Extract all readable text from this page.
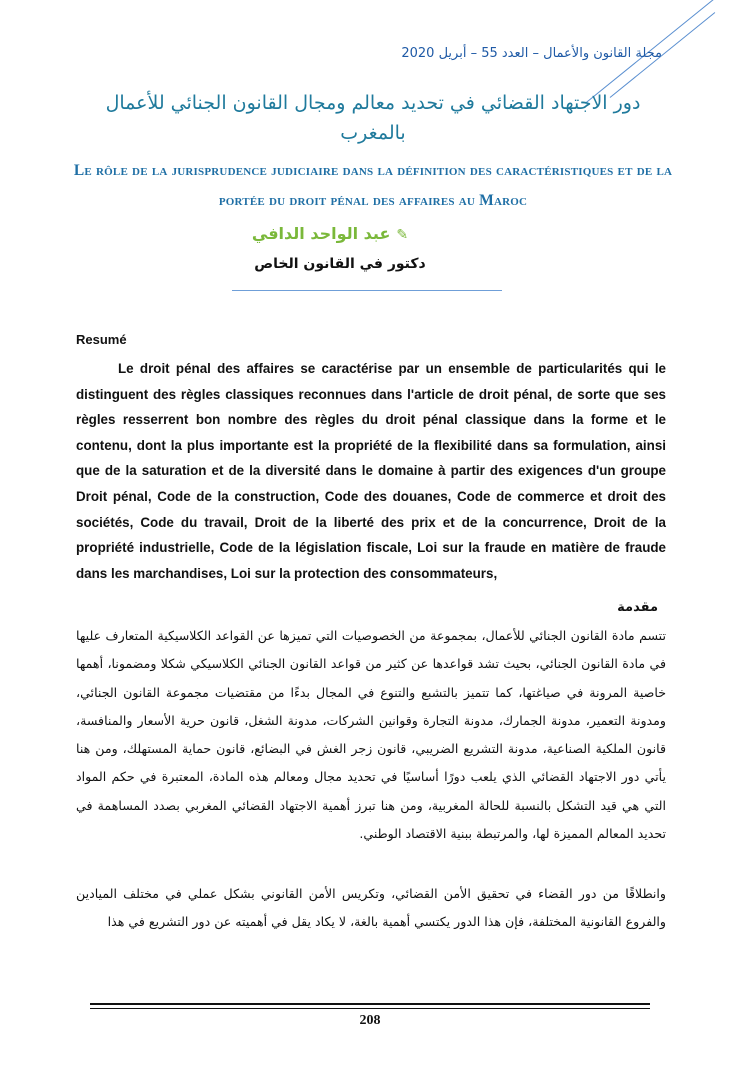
مجلة القانون والأعمال – العدد 55 – أبريل 2020
دور الاجتهاد القضائي في تحديد معالم ومجال القانون الجنائي للأعمال بالمغرب
Le rôle de la jurisprudence judiciaire dans la définition des caractéristiques et de la portée du droit pénal des affaires au Maroc
✎عبد الواحد الدافي
دكتور في القانون الخاص
Resumé
Le droit pénal des affaires se caractérise par un ensemble de particularités qui le distinguent des règles classiques reconnues dans l'article de droit pénal, de sorte que ses règles resserrent bon nombre des règles du droit pénal classique dans la forme et le contenu, dont la plus importante est la propriété de la flexibilité dans sa formulation, ainsi que de la saturation et de la diversité dans le domaine à partir des exigences d'un groupe Droit pénal, Code de la construction, Code des douanes, Code de commerce et droit des sociétés, Code du travail, Droit de la liberté des prix et de la concurrence, Droit de la propriété industrielle, Code de la législation fiscale, Loi sur la fraude en matière de fraude dans les marchandises, Loi sur la protection des consommateurs,
مقدمة
تتسم مادة القانون الجنائي للأعمال، بمجموعة من الخصوصيات التي تميزها عن القواعد الكلاسيكية المتعارف عليها في مادة القانون الجنائي، بحيث تشد قواعدها عن كثير من قواعد القانون الجنائي الكلاسيكي شكلا ومضمونا، أهمها خاصية المرونة في صياغتها، كما تتميز بالتشبع والتنوع في المجال بدءًا من مقتضيات مجموعة القانون الجنائي، ومدونة التعمير، مدونة الجمارك، مدونة التجارة وقوانين الشركات، مدونة الشغل، قانون حرية الأسعار والمنافسة، قانون الملكية الصناعية، مدونة التشريع الضريبي، قانون زجر الغش في البضائع، قانون حماية المستهلك، ومن هنا يأتي دور الاجتهاد القضائي الذي يلعب دورًا أساسيًا في تحديد مجال ومعالم هذه المادة، المعتبرة في حكم المواد التي هي قيد التشكل بالنسبة للحالة المغربية، ومن هنا تبرز أهمية الاجتهاد القضائي المغربي بصدد المساهمة في تحديد المعالم المميزة لها، والمرتبطة ببنية الاقتصاد الوطني.
وانطلاقًا من دور القضاء في تحقيق الأمن القضائي، وتكريس الأمن القانوني بشكل عملي في مختلف الميادين والفروع القانونية المختلفة، فإن هذا الدور يكتسي أهمية بالغة، لا يكاد يقل في أهميته عن دور التشريع في هذا
208
